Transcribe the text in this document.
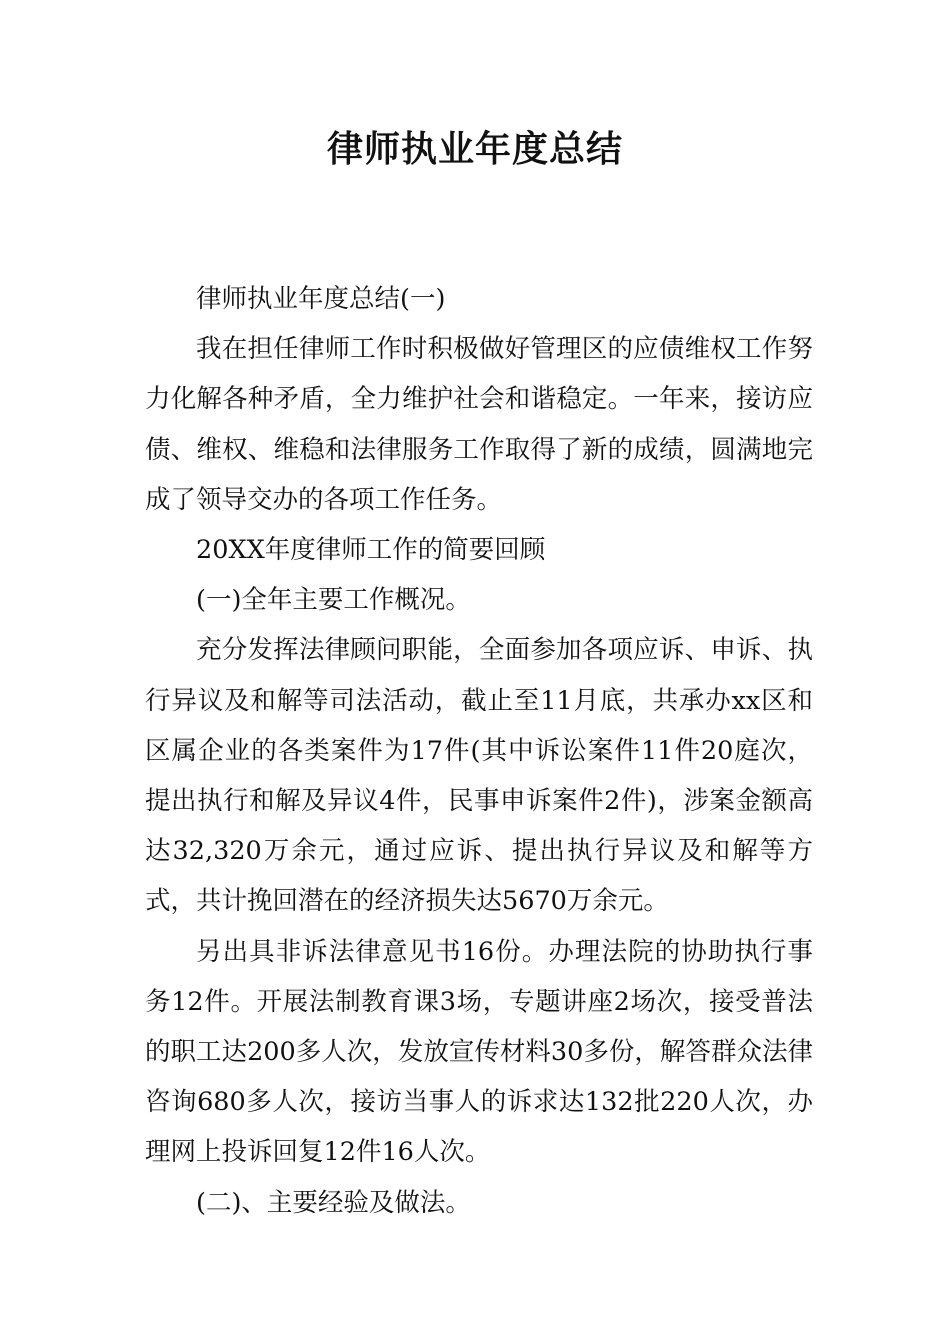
律师执业年度总结

律师执业年度总结(一)

我在担任律师工作时积极做好管理区的应债维权工作努力化解各种矛盾，全力维护社会和谐稳定。一年来，接访应债、维权、维稳和法律服务工作取得了新的成绩，圆满地完成了领导交办的各项工作任务。

20XX年度律师工作的简要回顾

(一)全年主要工作概况。

充分发挥法律顾问职能，全面参加各项应诉、申诉、执行异议及和解等司法活动，截止至11月底，共承办xx区和区属企业的各类案件为17件(其中诉讼案件11件20庭次，提出执行和解及异议4件，民事申诉案件2件)，涉案金额高达32,320万余元，通过应诉、提出执行异议及和解等方式，共计挽回潜在的经济损失达5670万余元。

另出具非诉法律意见书16份。办理法院的协助执行事务12件。开展法制教育课3场，专题讲座2场次，接受普法的职工达200多人次，发放宣传材料30多份，解答群众法律咨询680多人次，接访当事人的诉求达132批220人次，办理网上投诉回复12件16人次。

(二)、主要经验及做法。
